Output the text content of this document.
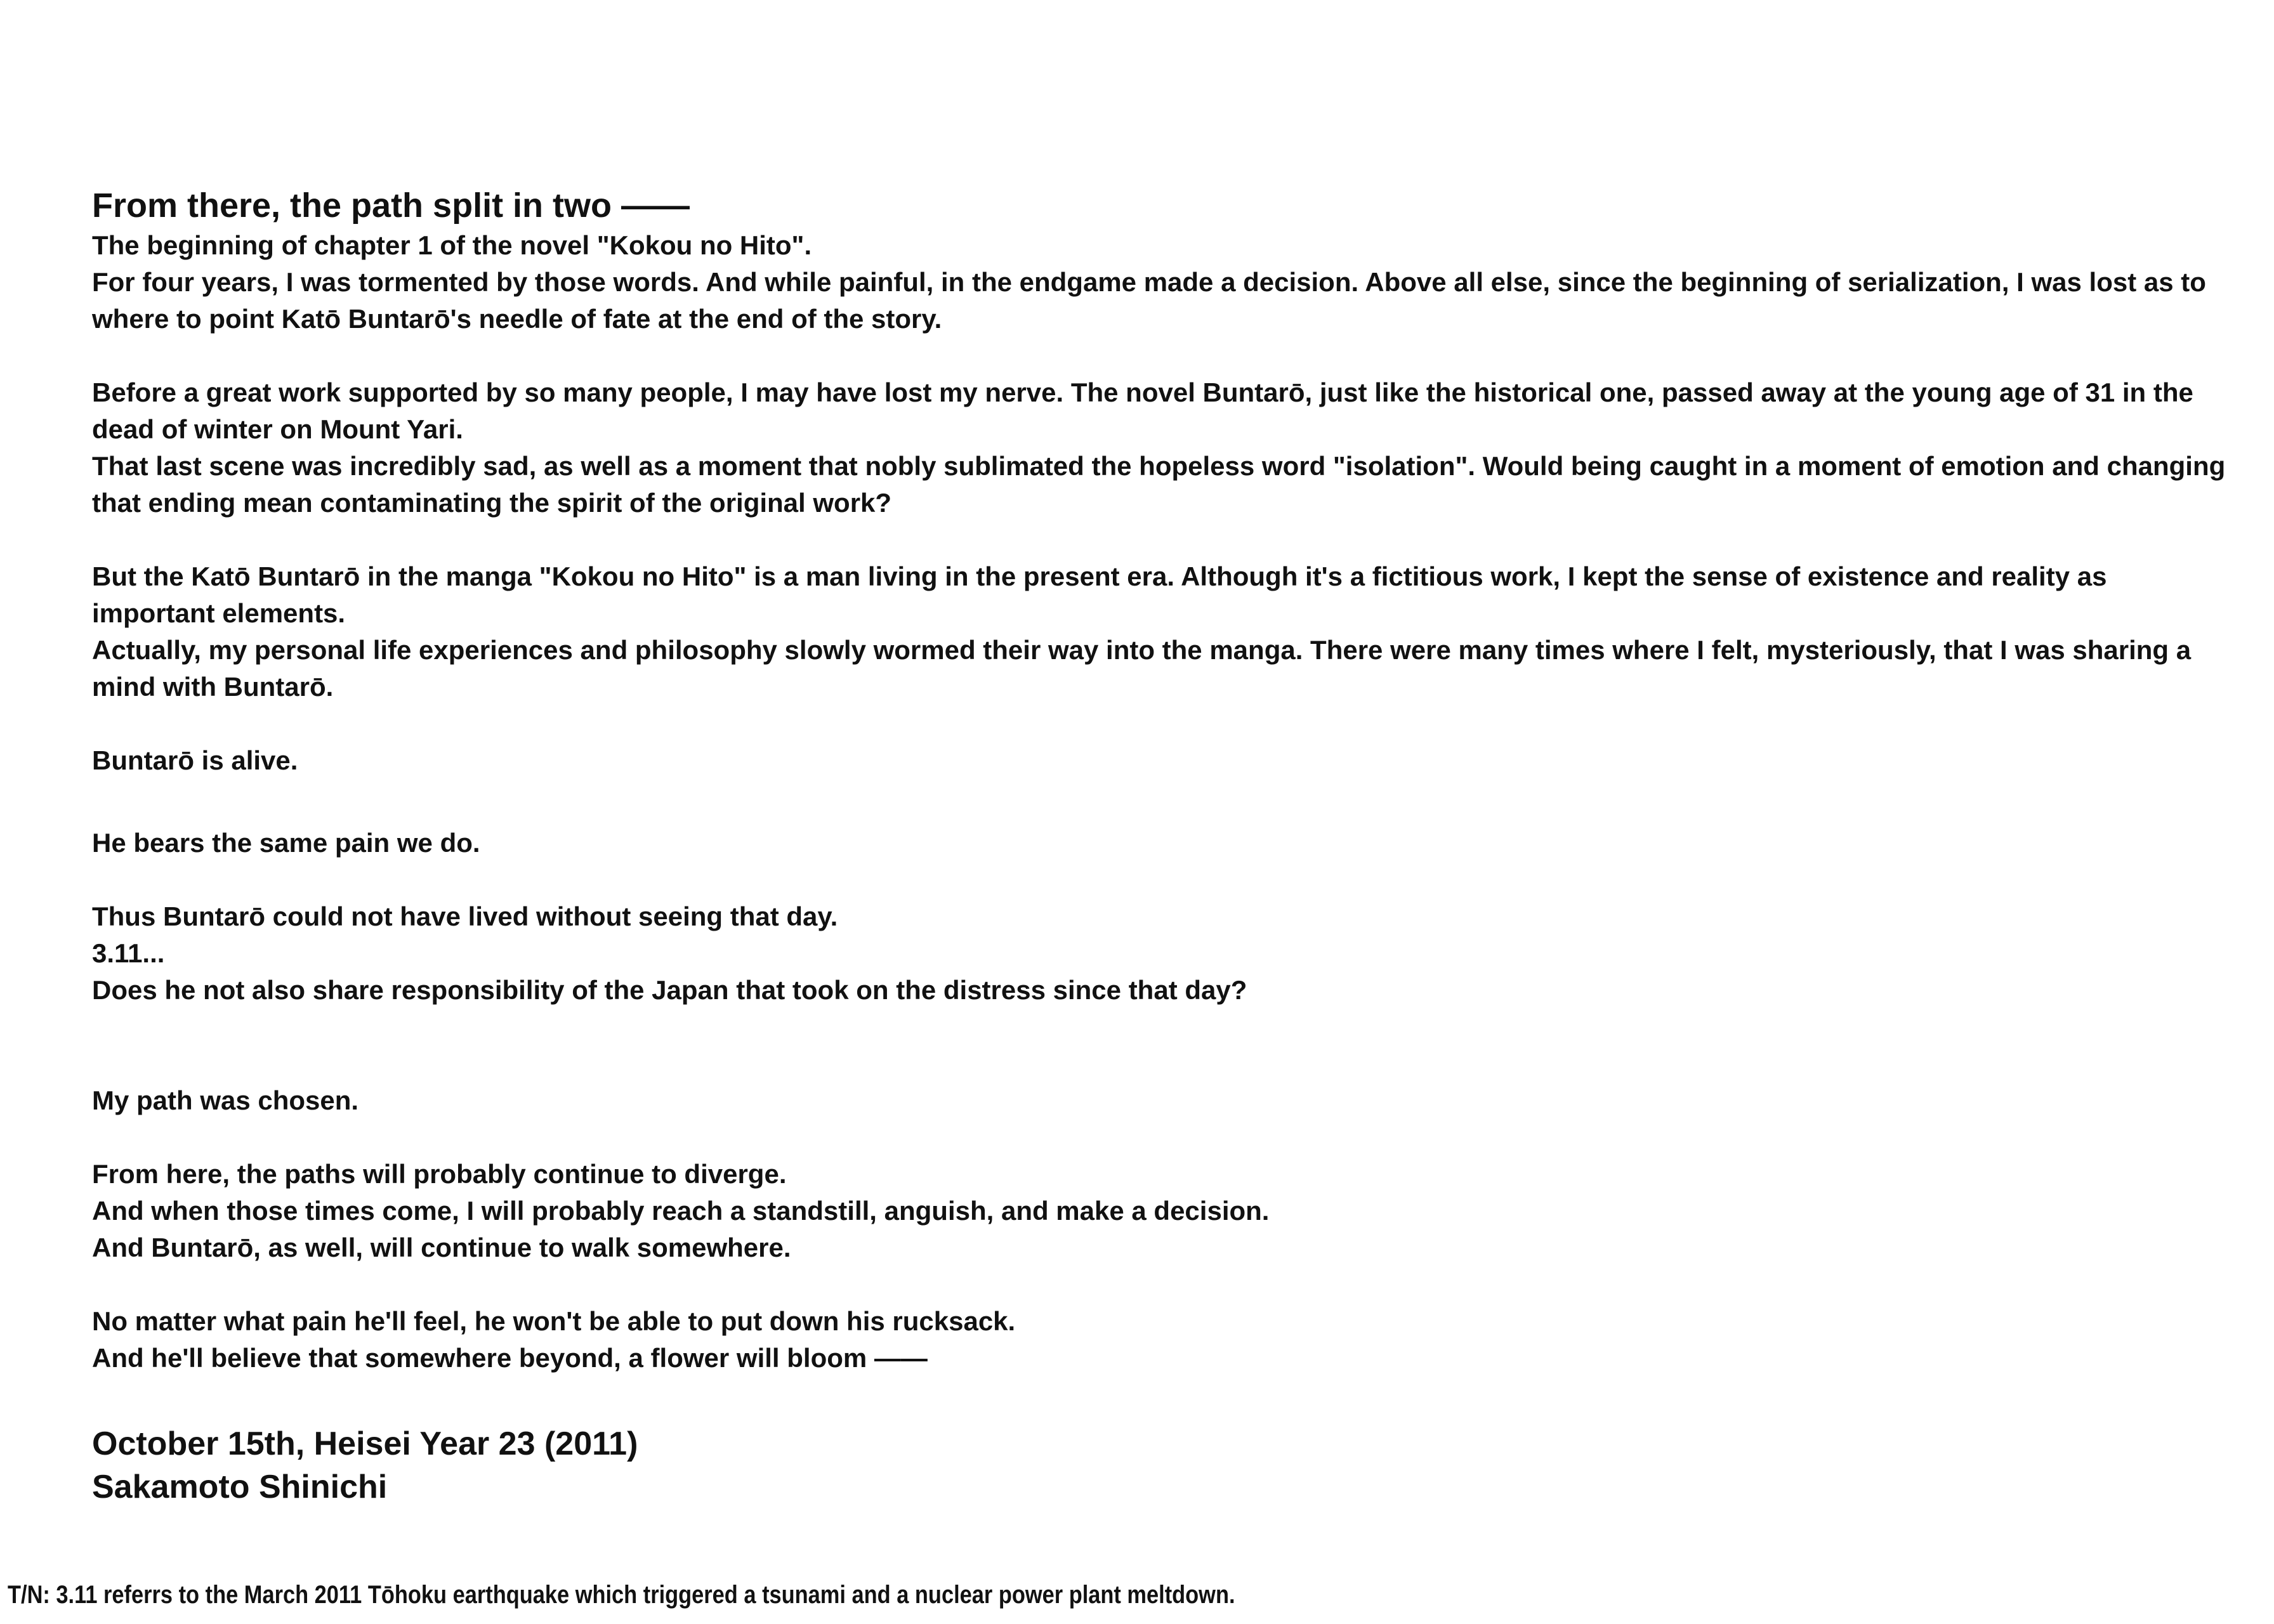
From there, the path split in two ——

The beginning of chapter 1 of the novel "Kokou no Hito".
For four years, I was tormented by those words. And while painful, in the endgame made a decision. Above all else, since the beginning of serialization, I was lost as to where to point Katō Buntarō's needle of fate at the end of the story.

Before a great work supported by so many people, I may have lost my nerve. The novel Buntarō, just like the historical one, passed away at the young age of 31 in the dead of winter on Mount Yari.
That last scene was incredibly sad, as well as a moment that nobly sublimated the hopeless word "isolation". Would being caught in a moment of emotion and changing that ending mean contaminating the spirit of the original work?

But the Katō Buntarō in the manga "Kokou no Hito" is a man living in the present era. Although it's a fictitious work, I kept the sense of existence and reality as important elements.
Actually, my personal life experiences and philosophy slowly wormed their way into the manga. There were many times where I felt, mysteriously, that I was sharing a mind with Buntarō.

Buntarō is alive.

He bears the same pain we do.

Thus Buntarō could not have lived without seeing that day.
3.11...
Does he not also share responsibility of the Japan that took on the distress since that day?

My path was chosen.

From here, the paths will probably continue to diverge.
And when those times come, I will probably reach a standstill, anguish, and make a decision.
And Buntarō, as well, will continue to walk somewhere.

No matter what pain he'll feel, he won't be able to put down his rucksack.
And he'll believe that somewhere beyond, a flower will bloom ——

October 15th, Heisei Year 23 (2011)

Sakamoto Shinichi

T/N: 3.11 referrs to the March 2011 Tōhoku earthquake which triggered a tsunami and a nuclear power plant meltdown.
